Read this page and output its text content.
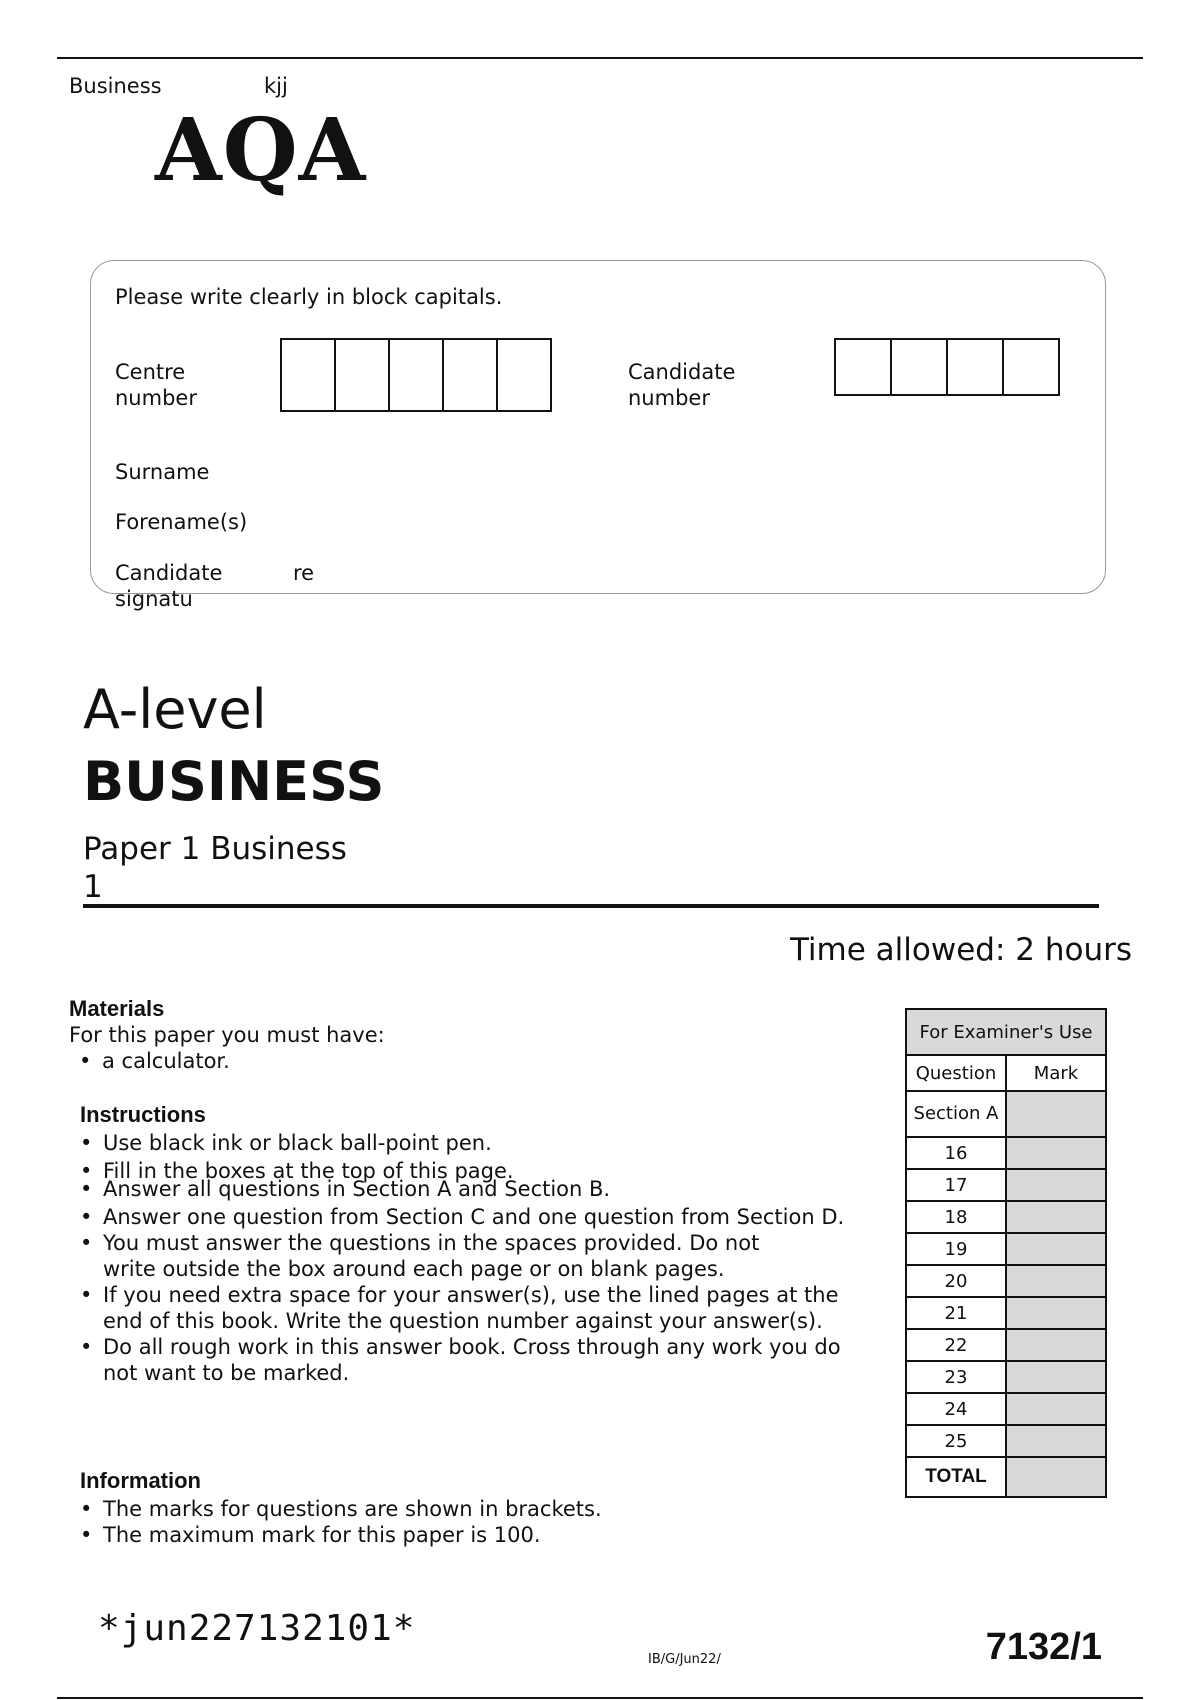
Business	kjj
AQA
Please write clearly in block capitals.
Centre
number
Candidate
number
Surname
Forename(s)
Candidate
signatu
re
A-level
BUSINESS
Paper 1 Business
1
Time allowed: 2 hours
Materials
For this paper you must have:
• a calculator.
Instructions
• Use black ink or black ball-point pen.
• Fill in the boxes at the top of this page.
• Answer all questions in Section A and Section B.
• Answer one question from Section C and one question from Section D.
• You must answer the questions in the spaces provided. Do not write outside the box around each page or on blank pages.
• If you need extra space for your answer(s), use the lined pages at the end of this book. Write the question number against your answer(s).
• Do all rough work in this answer book. Cross through any work you do not want to be marked.
Information
• The marks for questions are shown in brackets.
• The maximum mark for this paper is 100.
For Examiner's Use	
Question	Mark
Section A	
16	
17	
18	
19	
20	
21	
22	
23	
24	
25	
TOTAL	
*jun227132101*
IB/G/Jun22/	7132/1
